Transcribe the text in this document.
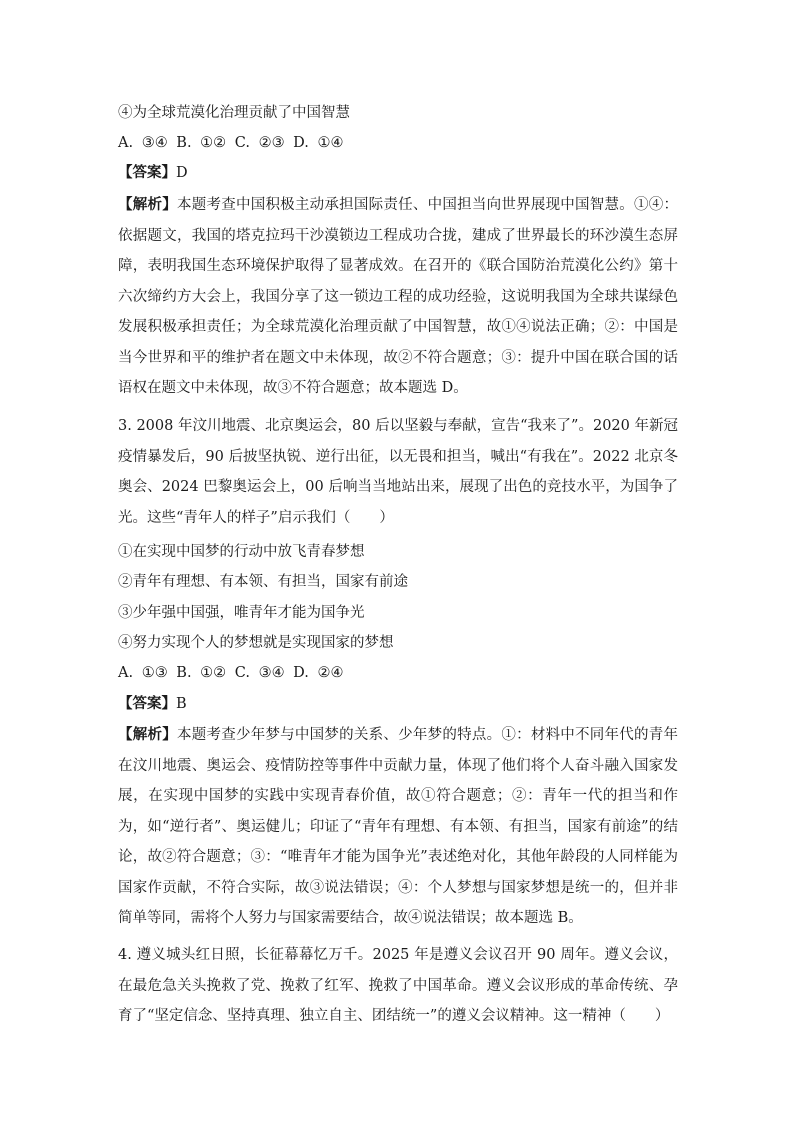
④为全球荒漠化治理贡献了中国智慧
A. ③④ B. ①② C. ②③ D. ①④
【答案】D

【解析】本题考查中国积极主动承担国际责任、中国担当向世界展现中国智慧。①④：依据题文，我国的塔克拉玛干沙漠锁边工程成功合拢，建成了世界最长的环沙漠生态屏障，表明我国生态环境保护取得了显著成效。在召开的《联合国防治荒漠化公约》第十六次缔约方大会上，我国分享了这一锁边工程的成功经验，这说明我国为全球共谋绿色发展积极承担责任；为全球荒漠化治理贡献了中国智慧，故①④说法正确；②：中国是当今世界和平的维护者在题文中未体现，故②不符合题意；③：提升中国在联合国的话语权在题文中未体现，故③不符合题意；故本题选 D。

3. 2008 年汶川地震、北京奥运会，80 后以坚毅与奉献，宣告“我来了”。2020 年新冠疫情暴发后，90 后披坚执锐、逆行出征，以无畏和担当，喊出“有我在”。2022 北京冬奥会、2024 巴黎奥运会上，00 后响当当地站出来，展现了出色的竞技水平，为国争了光。这些“青年人的样子”启示我们（　　）

①在实现中国梦的行动中放飞青春梦想
②青年有理想、有本领、有担当，国家有前途
③少年强中国强，唯青年才能为国争光
④努力实现个人的梦想就是实现国家的梦想
A. ①③ B. ①② C. ③④ D. ②④
【答案】B

【解析】本题考查少年梦与中国梦的关系、少年梦的特点。①：材料中不同年代的青年在汶川地震、奥运会、疫情防控等事件中贡献力量，体现了他们将个人奋斗融入国家发展，在实现中国梦的实践中实现青春价值，故①符合题意；②：青年一代的担当和作为，如“逆行者”、奥运健儿；印证了“青年有理想、有本领、有担当，国家有前途”的结论，故②符合题意；③：“唯青年才能为国争光”表述绝对化，其他年龄段的人同样能为国家作贡献，不符合实际，故③说法错误；④：个人梦想与国家梦想是统一的，但并非简单等同，需将个人努力与国家需要结合，故④说法错误；故本题选 B。

4. 遵义城头红日照，长征幕幕忆万千。2025 年是遵义会议召开 90 周年。遵义会议，在最危急关头挽救了党、挽救了红军、挽救了中国革命。遵义会议形成的革命传统、孕育了“坚定信念、坚持真理、独立自主、团结统一”的遵义会议精神。这一精神（　　）
